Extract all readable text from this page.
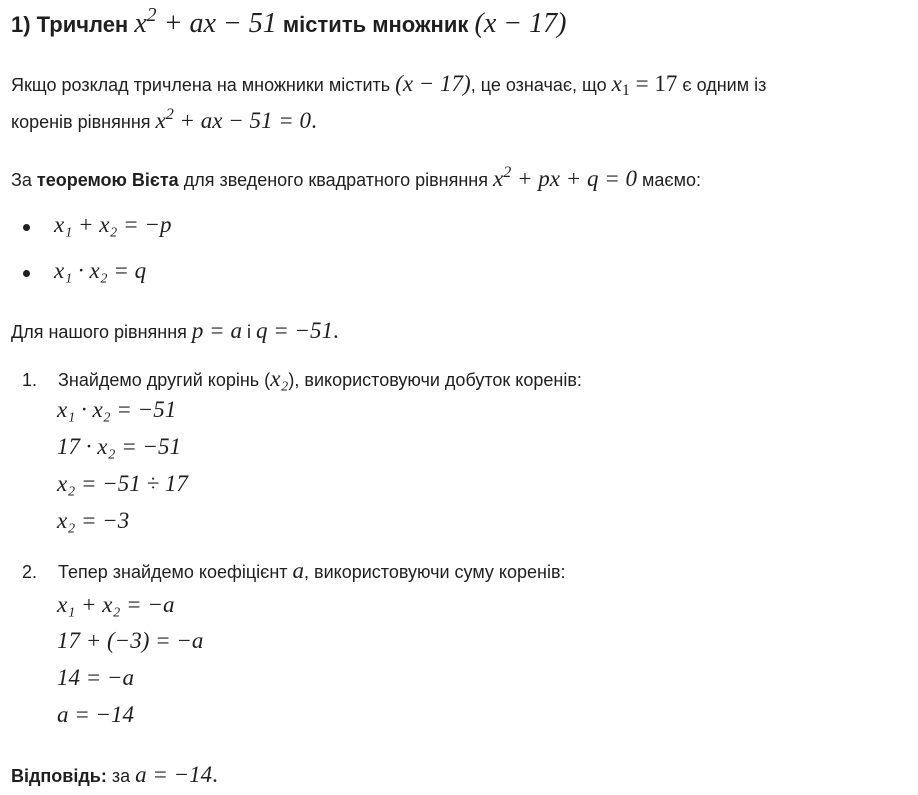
1) Тричлен $x^2$ + ax − 51 містить множник (x − 17)
Якщо розклад тричлена на множники містить (x − 17), це означає, що $x_1 = 17$ є одним із
коренів рівняння $x^2$ + ax − 51 = 0.
За теоремою Вієта для зведеного квадратного рівняння $x^2$ + px + q = 0 маємо:
x₁ + x₂ = −p
x₁ · x₂ = q
Для нашого рівняння p = a і q = −51.
1. Знайдемо другий корінь (x₂), використовуючи добуток коренів:
x₁ · x₂ = −51
17 · x₂ = −51
x₂ = −51 ÷ 17
x₂ = −3
2. Тепер знайдемо коефіцієнт a, використовуючи суму коренів:
x₁ + x₂ = −a
17 + (−3) = −a
14 = −a
a = −14
Відповідь: за a = −14.
